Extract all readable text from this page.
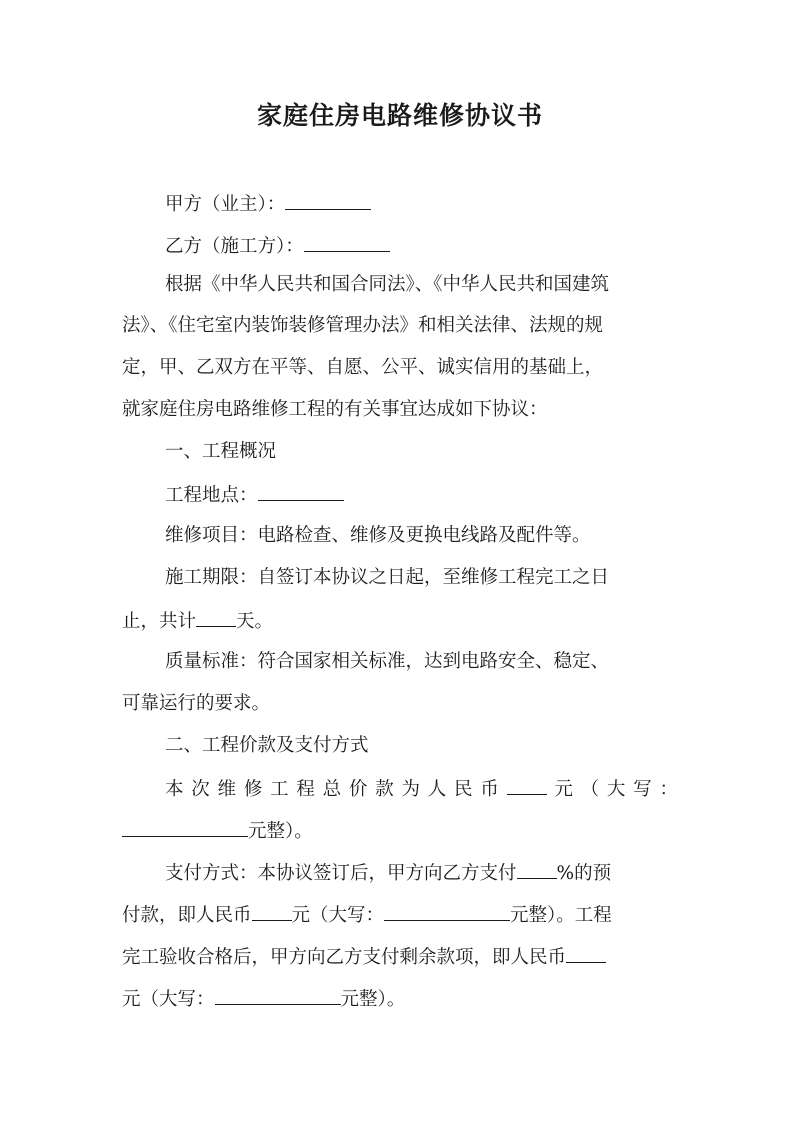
家庭住房电路维修协议书
甲方（业主）：
乙方（施工方）：
根据《中华人民共和国合同法》、《中华人民共和国建筑
法》、《住宅室内装饰装修管理办法》和相关法律、法规的规
定，甲、乙双方在平等、自愿、公平、诚实信用的基础上，
就家庭住房电路维修工程的有关事宜达成如下协议：
一、工程概况
工程地点：
维修项目：电路检查、维修及更换电线路及配件等。
施工期限：自签订本协议之日起，至维修工程完工之日
止，共计 天。
质量标准：符合国家相关标准，达到电路安全、稳定、
可靠运行的要求。
二、工程价款及支付方式
本次维修工程总价款为人民币 元（大写：
元整）。
支付方式：本协议签订后，甲方向乙方支付 %的预
付款，即人民币 元（大写：	元整）。工程
完工验收合格后，甲方向乙方支付剩余款项，即人民币
元（大写：	元整）。
